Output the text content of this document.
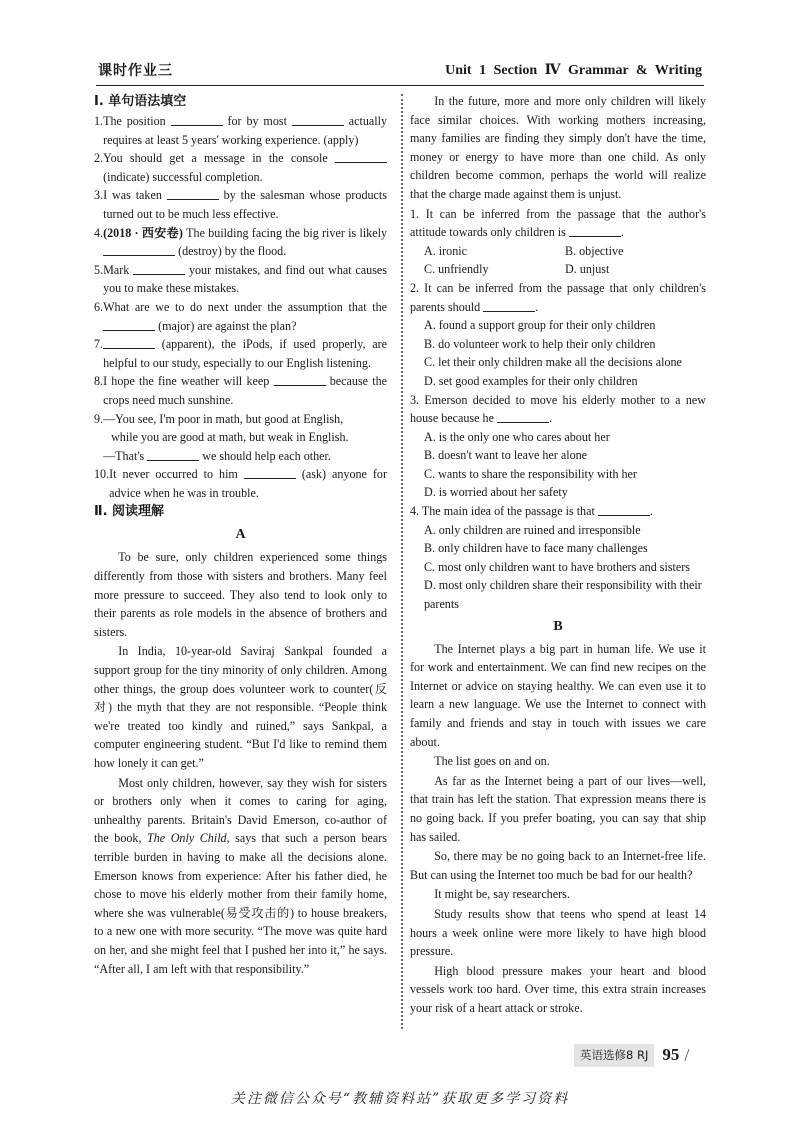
课时作业三	Unit 1 Section Ⅳ Grammar & Writing

Ⅰ. 单句语法填空

1. The position	for by most	actually requires at least 5 years' working experience. (apply)
2. You should get a message in the console  (indicate) successful completion.
3. I was taken	by the salesman whose products turned out to be much less effective.
4. (2018 · 西安卷) The building facing the big river is likely  (destroy) by the flood.
5. Mark	your mistakes, and find out what causes you to make these mistakes.
6. What are we to do next under the assumption that the  (major) are against the plan?
7.	(apparent), the iPods, if used properly, are helpful to our study, especially to our English listening.
8. I hope the fine weather will keep	because the crops need much sunshine.
9. —You see, I'm poor in math, but good at English,
while you are good at math, but weak in English.
—That's	we should help each other.
10. It never occurred to him	(ask) anyone for advice when he was in trouble.

Ⅱ. 阅读理解

A

To be sure, only children experienced some things differently from those with sisters and brothers. Many feel more pressure to succeed. They also tend to look only to their parents as role models in the absence of brothers and sisters.

In India, 10-year-old Saviraj Sankpal founded a support group for the tiny minority of only children. Among other things, the group does volunteer work to counter(反对) the myth that they are not responsible. “People think we're treated too kindly and ruined,” says Sankpal, a computer engineering student. “But I'd like to remind them how lonely it can get.”

Most only children, however, say they wish for sisters or brothers only when it comes to caring for aging, unhealthy parents. Britain's David Emerson, co-author of the book, The Only Child, says that such a person bears terrible burden in having to make all the decisions alone. Emerson knows from experience: After his father died, he chose to move his elderly mother from their family home, where she was vulnerable(易受攻击的) to house breakers, to a new one with more security. “The move was quite hard on her, and she might feel that I pushed her into it,” he says. “After all, I am left with that responsibility.”

In the future, more and more only children will likely face similar choices. With working mothers increasing, many families are finding they simply don't have the time, money or energy to have more than one child. As only children become common, perhaps the world will realize that the charge made against them is unjust.

1. It can be inferred from the passage that the author's attitude towards only children is	.

A. ironic	B. objective
C. unfriendly	D. unjust

2. It can be inferred from the passage that only children's parents should	.

A. found a support group for their only children
B. do volunteer work to help their only children
C. let their only children make all the decisions alone
D. set good examples for their only children

3. Emerson decided to move his elderly mother to a new house because he	.

A. is the only one who cares about her
B. doesn't want to leave her alone
C. wants to share the responsibility with her
D. is worried about her safety

4. The main idea of the passage is that	.

A. only children are ruined and irresponsible
B. only children have to face many challenges
C. most only children want to have brothers and sisters
D. most only children share their responsibility with their parents

B

The Internet plays a big part in human life. We use it for work and entertainment. We can find new recipes on the Internet or advice on staying healthy. We can even use it to learn a new language. We use the Internet to connect with family and friends and stay in touch with issues we care about.

The list goes on and on.

As far as the Internet being a part of our lives—well, that train has left the station. That expression means there is no going back. If you prefer boating, you can say that ship has sailed.

So, there may be no going back to an Internet-free life. But can using the Internet too much be bad for our health?

It might be, say researchers.

Study results show that teens who spend at least 14 hours a week online were more likely to have high blood pressure.

High blood pressure makes your heart and blood vessels work too hard. Over time, this extra strain increases your risk of a heart attack or stroke.

英语选修8 RJ 95 /
关注微信公众号“教辅资料站”获取更多学习资料
